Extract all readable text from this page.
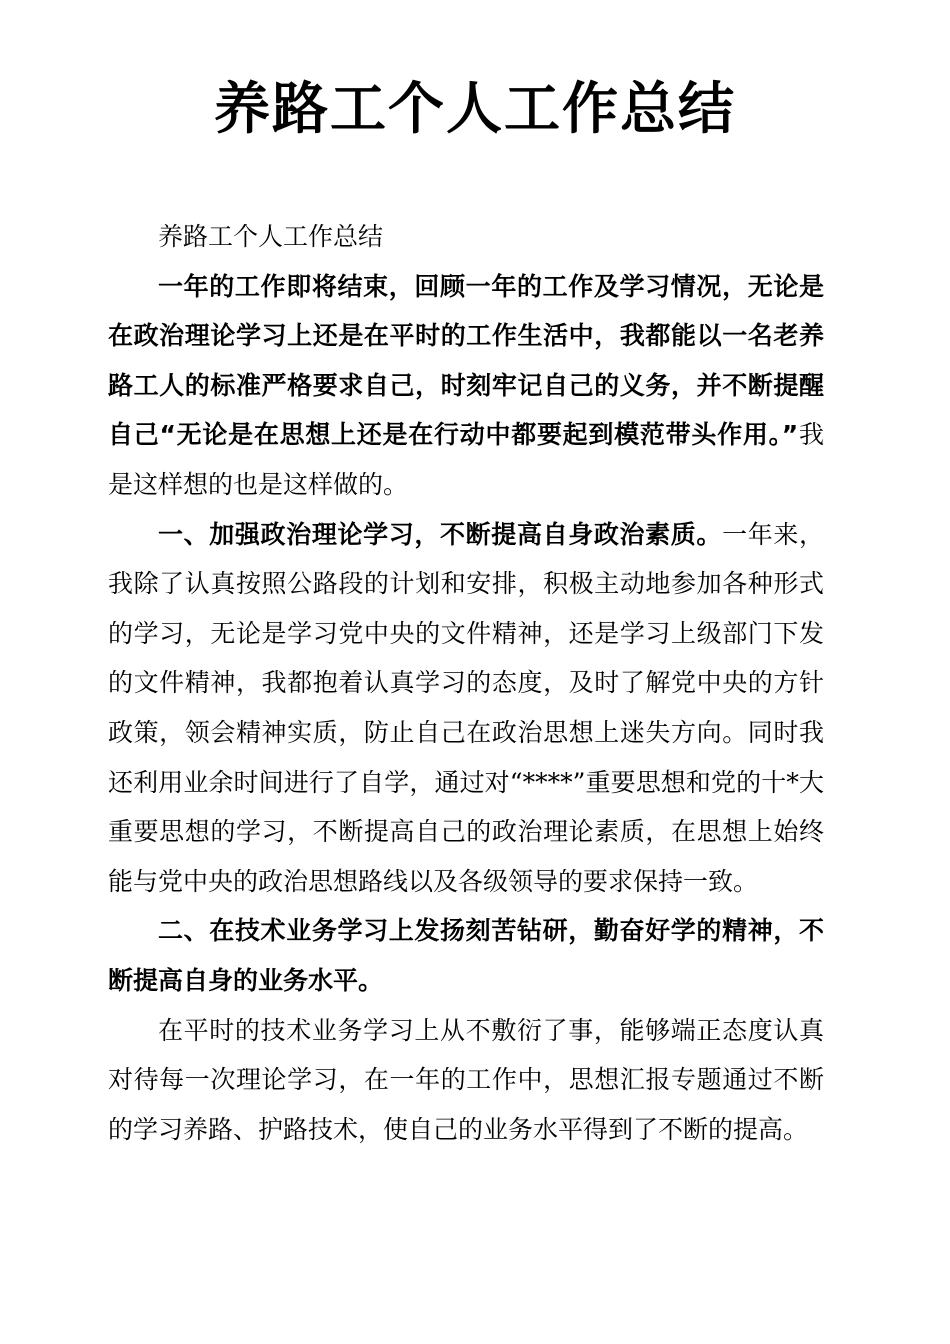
养路工个人工作总结

养路工个人工作总结

一年的工作即将结束，回顾一年的工作及学习情况，无论是在政治理论学习上还是在平时的工作生活中，我都能以一名老养路工人的标准严格要求自己，时刻牢记自己的义务，并不断提醒自己“无论是在思想上还是在行动中都要起到模范带头作用。”我是这样想的也是这样做的。

一、加强政治理论学习，不断提高自身政治素质。一年来，我除了认真按照公路段的计划和安排，积极主动地参加各种形式的学习，无论是学习党中央的文件精神，还是学习上级部门下发的文件精神，我都抱着认真学习的态度，及时了解党中央的方针政策，领会精神实质，防止自己在政治思想上迷失方向。同时我还利用业余时间进行了自学，通过对“****”重要思想和党的十*大重要思想的学习，不断提高自己的政治理论素质，在思想上始终能与党中央的政治思想路线以及各级领导的要求保持一致。

二、在技术业务学习上发扬刻苦钻研，勤奋好学的精神，不断提高自身的业务水平。

在平时的技术业务学习上从不敷衍了事，能够端正态度认真对待每一次理论学习，在一年的工作中，思想汇报专题通过不断的学习养路、护路技术，使自己的业务水平得到了不断的提高。
